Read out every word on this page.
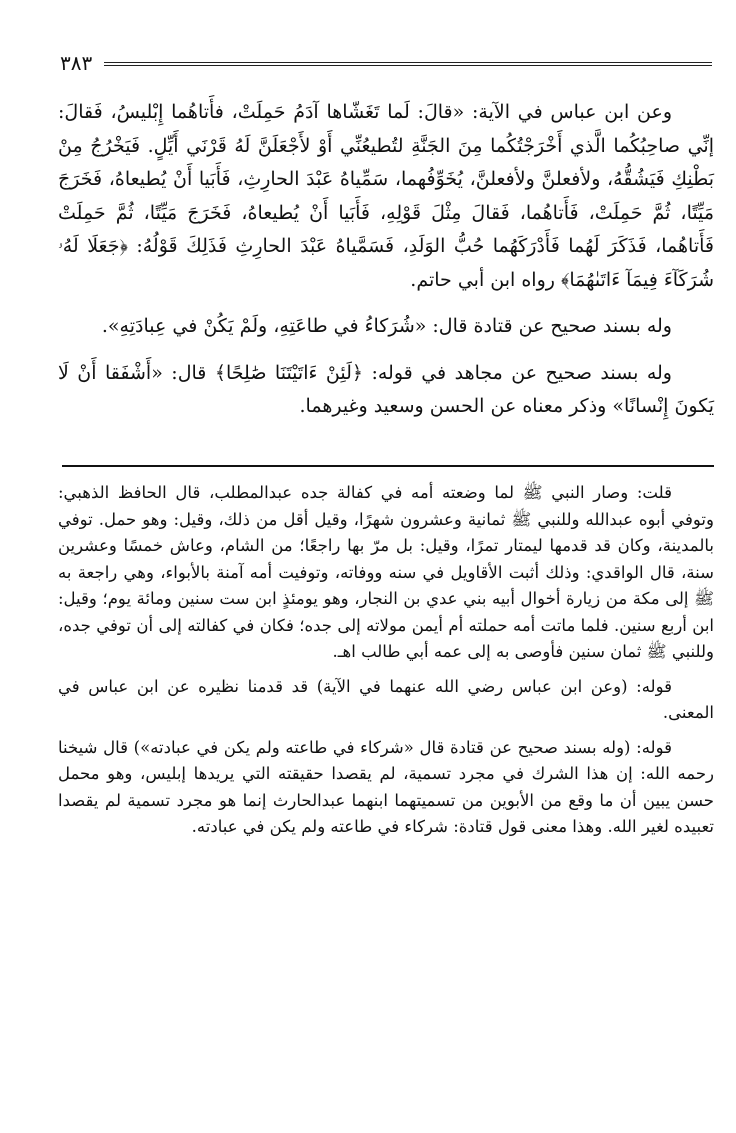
٣٨٣

وعن ابن عباس في الآية: «قالَ: لَما تَغَشّاها آدَمُ حَمِلَتْ، فأَتاهُما إِبْليسُ، فَقالَ: إنِّي صاحِبُكُما الَّذي أَخْرَجْتُكُما مِنَ الجَنَّةِ لتُطيعُنِّي أَوْ لأَجْعَلَنَّ لَهُ قَرْنَي أَيِّلٍ. فَيَخْرُجُ مِنْ بَطْنِكِ فَيَشُقُّهُ، ولأفعلنَّ ولأفعلنَّ، يُخَوِّفُهما، سَمِّياهُ عَبْدَ الحارِثِ، فَأَبَيا أَنْ يُطيعاهُ، فَخَرَجَ مَيِّتًا، ثُمَّ حَمِلَتْ، فَأَتاهُما، فَقالَ مِثْلَ قَوْلِهِ، فَأَبَيا أَنْ يُطيعاهُ، فَخَرَجَ مَيِّتًا، ثُمَّ حَمِلَتْ فَأَتاهُما، فَذَكَرَ لَهُما فَأَدْرَكَهُما حُبُّ الوَلَدِ، فَسَمَّياهُ عَبْدَ الحارِثِ فَذَلِكَ قَوْلُهُ: ﴿جَعَلَا لَهُۥ شُرَكَآءَ فِيمَآ ءَاتَىٰهُمَا﴾ رواه ابن أبي حاتم.

وله بسند صحيح عن قتادة قال: «شُرَكاءُ في طاعَتِهِ، ولَمْ يَكُنْ في عِبادَتِهِ».

وله بسند صحيح عن مجاهد في قوله: ﴿لَئِنْ ءَاتَيْتَنَا صَٰلِحًا﴾ قال: «أَشْفَقا أَنْ لَا يَكونَ إِنْسانًا» وذكر معناه عن الحسن وسعيد وغيرهما.

قلت: وصار النبي ﷺ لما وضعته أمه في كفالة جده عبدالمطلب، قال الحافظ الذهبي: وتوفي أبوه عبدالله وللنبي ﷺ ثمانية وعشرون شهرًا، وقيل أقل من ذلك، وقيل: وهو حمل. توفي بالمدينة، وكان قد قدمها ليمتار تمرًا، وقيل: بل مرّ بها راجعًا؛ من الشام، وعاش خمسًا وعشرين سنة، قال الواقدي: وذلك أثبت الأقاويل في سنه ووفاته، وتوفيت أمه آمنة بالأبواء، وهي راجعة به ﷺ إلى مكة من زيارة أخوال أبيه بني عدي بن النجار، وهو يومئذٍ ابن ست سنين ومائة يوم؛ وقيل: ابن أربع سنين. فلما ماتت أمه حملته أم أيمن مولاته إلى جده؛ فكان في كفالته إلى أن توفي جده، وللنبي ﷺ ثمان سنين فأوصى به إلى عمه أبي طالب اهـ.

قوله: (وعن ابن عباس رضي الله عنهما في الآية) قد قدمنا نظيره عن ابن عباس في المعنى.

قوله: (وله بسند صحيح عن قتادة قال «شركاء في طاعته ولم يكن في عبادته») قال شيخنا رحمه الله: إن هذا الشرك في مجرد تسمية، لم يقصدا حقيقته التي يريدها إبليس، وهو محمل حسن يبين أن ما وقع من الأبوين من تسميتهما ابنهما عبدالحارث إنما هو مجرد تسمية لم يقصدا تعبيده لغير الله. وهذا معنى قول قتادة: شركاء في طاعته ولم يكن في عبادته.
